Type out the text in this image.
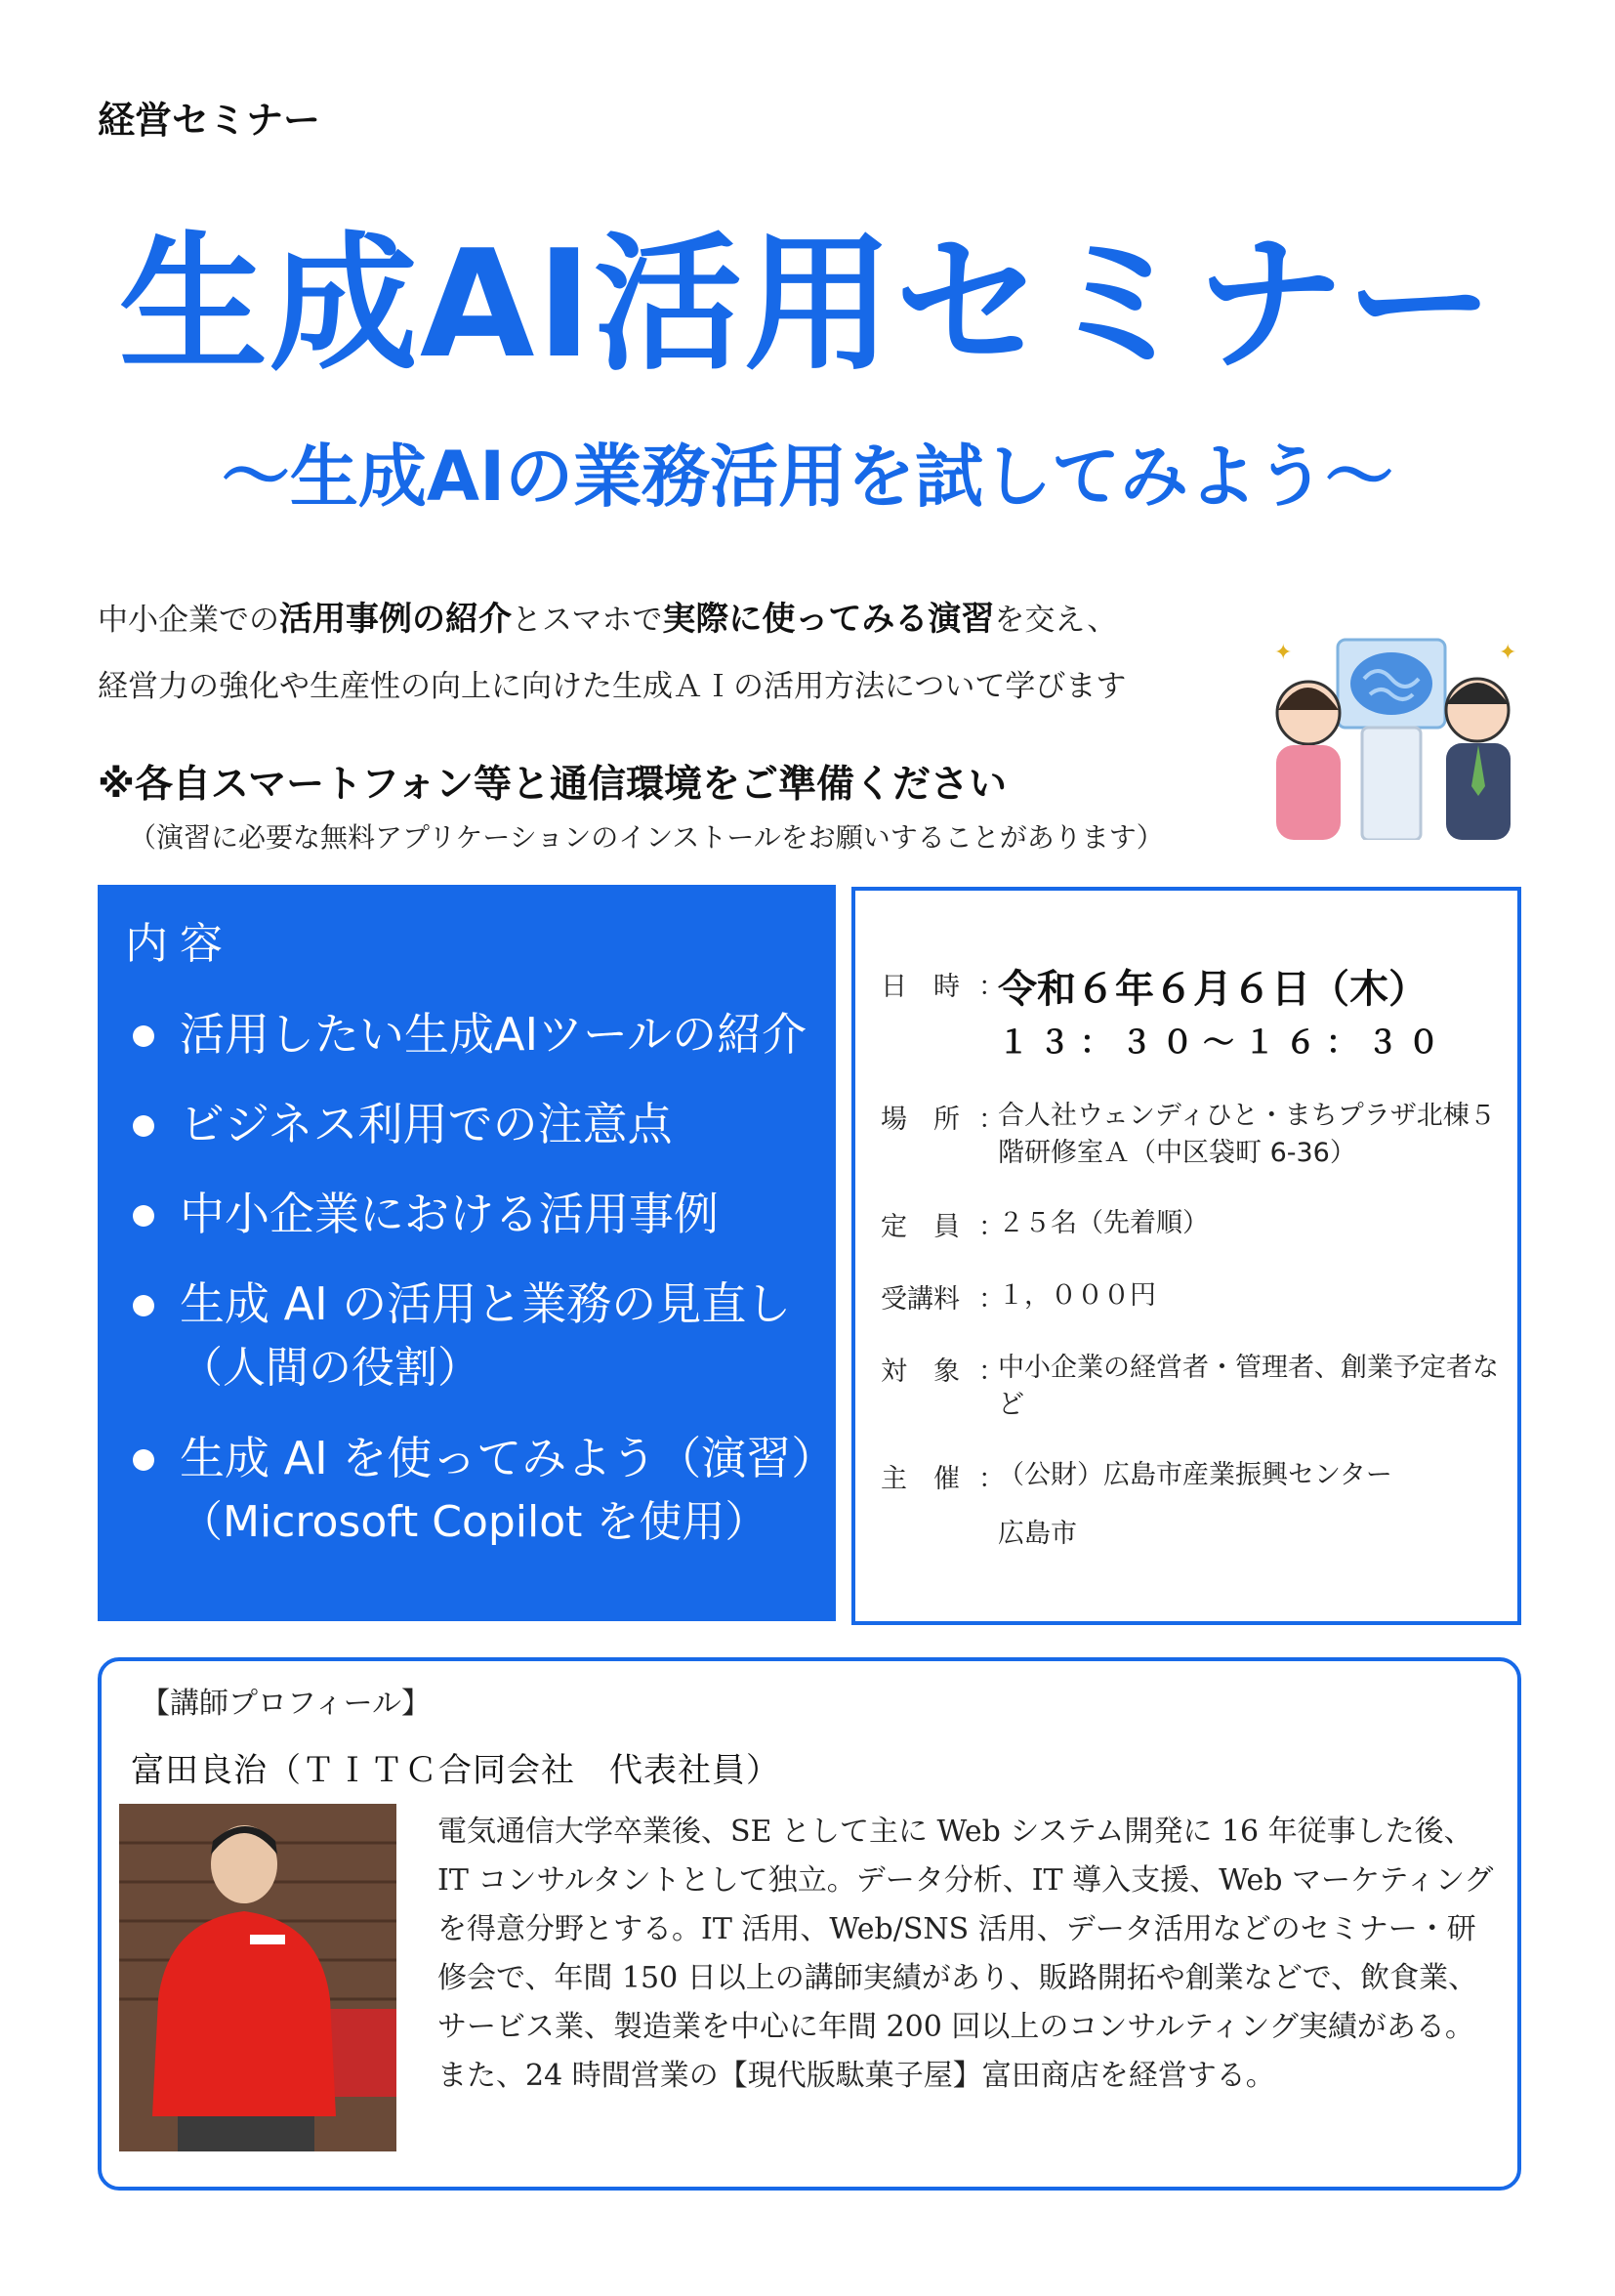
経営セミナー
生成AI活用セミナー
～生成AIの業務活用を試してみよう～
中小企業での活用事例の紹介とスマホで実際に使ってみる演習を交え、
経営力の強化や生産性の向上に向けた生成ＡＩの活用方法について学びます
※各自スマートフォン等と通信環境をご準備ください
（演習に必要な無料アプリケーションのインストールをお願いすることがあります）
✦	✦
内容
活用したい生成AIツールの紹介
ビジネス利用での注意点
中小企業における活用事例
生成 AI の活用と業務の見直し
（人間の役割）
生成 AI を使ってみよう（演習）
（Microsoft Copilot を使用）
日　時 ：
令和６年６月６日（木）
１３：３０～１６：３０
場　所 ：
合人社ウェンディひと・まちプラザ北棟５階研修室Ａ（中区袋町 6-36）
定　員 ：
２５名（先着順）
受講料 ：
１，０００円
対　象 ：
中小企業の経営者・管理者、創業予定者など
主　催 ：
（公財）広島市産業振興センター
広島市
【講師プロフィール】
富田良治（ＴＩＴＣ合同会社　代表社員）
電気通信大学卒業後、SE として主に Web システム開発に 16 年従事した後、IT コンサルタントとして独立。データ分析、IT 導入支援、Web マーケティングを得意分野とする。IT 活用、Web/SNS 活用、データ活用などのセミナー・研修会で、年間 150 日以上の講師実績があり、販路開拓や創業などで、飲食業、サービス業、製造業を中心に年間 200 回以上のコンサルティング実績がある。また、24 時間営業の【現代版駄菓子屋】富田商店を経営する。
